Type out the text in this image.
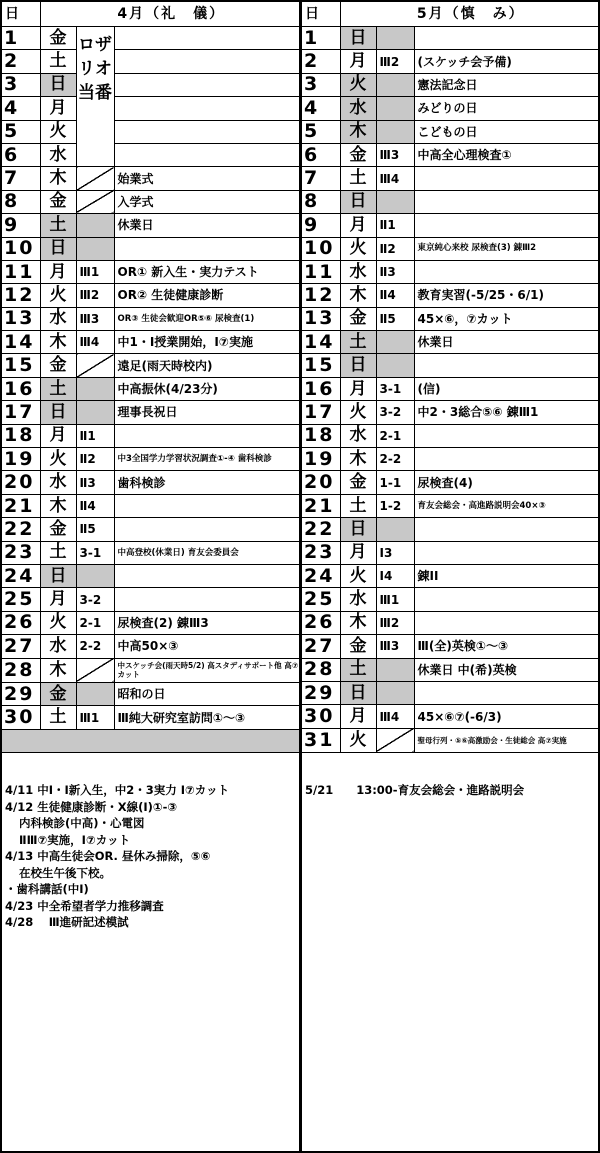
日	4月（礼　儀）		
1	金	ロザリオ当番	
2	土		
3	日		
4	月		
5	火		
6	水		
7	木		始業式
8	金		入学式
9	土		休業日
10	日		
11	月	Ⅲ1	OR① 新入生・実力テスト
12	火	Ⅲ2	OR② 生徒健康診断
13	水	Ⅲ3	OR③ 生徒会歓迎OR⑤⑥ 尿検査(1)
14	木	Ⅲ4	中1・Ⅰ授業開始，Ⅰ⑦実施
15	金		遠足(雨天時校内)
16	土		中高振休(4/23分)
17	日		理事長祝日
18	月	Ⅱ1	
19	火	Ⅱ2	中3全国学力学習状況調査①-④ 歯科検診
20	水	Ⅱ3	歯科検診
21	木	Ⅱ4	
22	金	Ⅱ5	
23	土	3-1	中高登校(休業日) 育友会委員会
24	日		
25	月	3-2	
26	火	2-1	尿検査(2) 錬Ⅲ3
27	水	2-2	中高50×③
28	木		中スケッチ会(雨天時5/2) 高スタディサポート他 高⑦カット
29	金		昭和の日
30	土	Ⅲ1	Ⅲ純大研究室訪問①～③

4/11 中Ⅰ・Ⅰ新入生，中2・3実力 Ⅰ⑦カット
4/12 生徒健康診断・X線(Ⅰ)①-③
内科検診(中高)・心電図
ⅡⅢ⑦実施，Ⅰ⑦カット
4/13 中高生徒会OR. 昼休み掃除，⑤⑥
在校生午後下校。
・歯科講話(中Ⅰ)
4/23 中全希望者学力推移調査
4/28　 Ⅲ進研記述模試
日	5月（慎　み）		
1	日		
2	月	Ⅲ2	(スケッチ会予備)
3	火		憲法記念日
4	水		みどりの日
5	木		こどもの日
6	金	Ⅲ3	中高全心理検査①
7	土	Ⅲ4	
8	日		
9	月	Ⅱ1	
10	火	Ⅱ2	東京純心来校 尿検査(3) 錬Ⅲ2
11	水	Ⅱ3	
12	木	Ⅱ4	教育実習(-5/25・6/1)
13	金	Ⅱ5	45×⑥，⑦カット
14	土		休業日
15	日		
16	月	3-1	(信)
17	火	3-2	中2・3総合⑤⑥ 錬Ⅲ1
18	水	2-1	
19	木	2-2	
20	金	1-1	尿検査(4)
21	土	1-2	育友会総会・高進路説明会40×③
22	日		
23	月	Ⅰ3	
24	火	Ⅰ4	錬ⅠⅠ
25	水	Ⅲ1	
26	木	Ⅲ2	
27	金	Ⅲ3	Ⅲ(全)英検①～③
28	土		休業日 中(希)英検
29	日		
30	月	Ⅲ4	45×⑥⑦(-6/3)
31	火		聖母行列・⑤⑥高激励会・生徒総会 高⑦実施
5/21　　13:00-育友会総会・進路説明会
